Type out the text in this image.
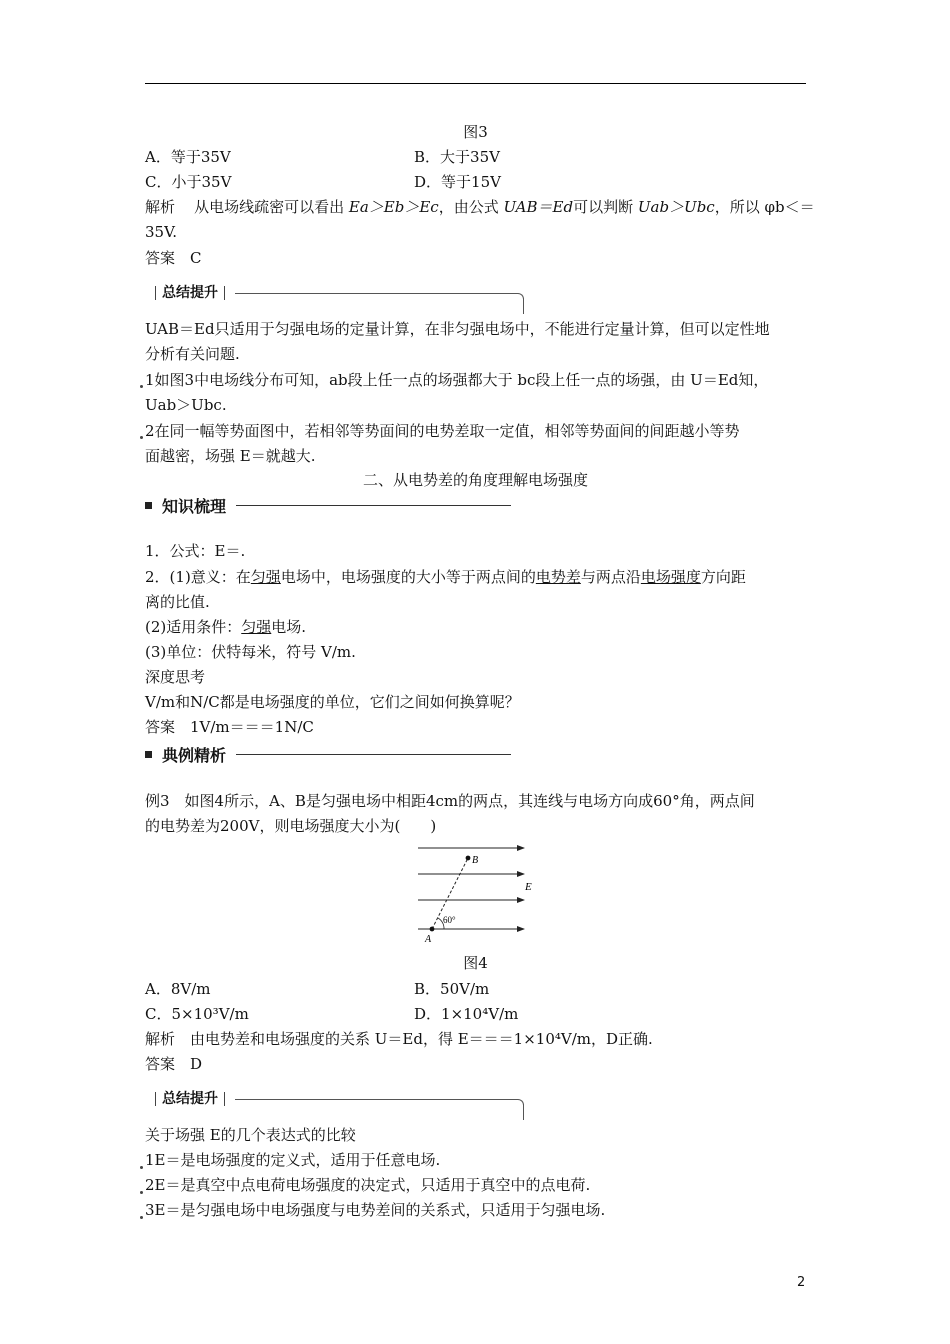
图3
A．等于35V	B．大于35V
C．小于35V	D．等于15V
解析 从电场线疏密可以看出 Ea＞Eb＞Ec，由公式 UAB＝Ed可以判断 Uab＞Ubc，所以 φb＜＝
35V.
答案　C
总结提升
UAB＝Ed只适用于匀强电场的定量计算，在非匀强电场中，不能进行定量计算，但可以定性地
分析有关问题.
1如图3中电场线分布可知，ab段上任一点的场强都大于 bc段上任一点的场强，由 U＝Ed知，
Uab＞Ubc.
2在同一幅等势面图中，若相邻等势面间的电势差取一定值，相邻等势面间的间距越小等势
面越密，场强 E＝就越大.
二、从电势差的角度理解电场强度
知识梳理
1．公式：E＝.
2．(1)意义：在匀强电场中，电场强度的大小等于两点间的电势差与两点沿电场强度方向距
离的比值.
(2)适用条件：匀强电场.
(3)单位：伏特每米，符号 V/m.
深度思考
V/m和N/C都是电场强度的单位，它们之间如何换算呢？
答案　1V/m＝＝＝1N/C
典例精析
例3　如图4所示，A、B是匀强电场中相距4cm的两点，其连线与电场方向成60°角，两点间
的电势差为200V，则电场强度大小为(　　)
B
E
60°
A
图4
A．8V/m	B．50V/m
C．5×10³V/m	D．1×10⁴V/m
解析　由电势差和电场强度的关系 U＝Ed，得 E＝＝＝1×10⁴V/m，D正确.
答案　D
总结提升
关于场强 E的几个表达式的比较
1E＝是电场强度的定义式，适用于任意电场.
2E＝是真空中点电荷电场强度的决定式，只适用于真空中的点电荷.
3E＝是匀强电场中电场强度与电势差间的关系式，只适用于匀强电场.
2
